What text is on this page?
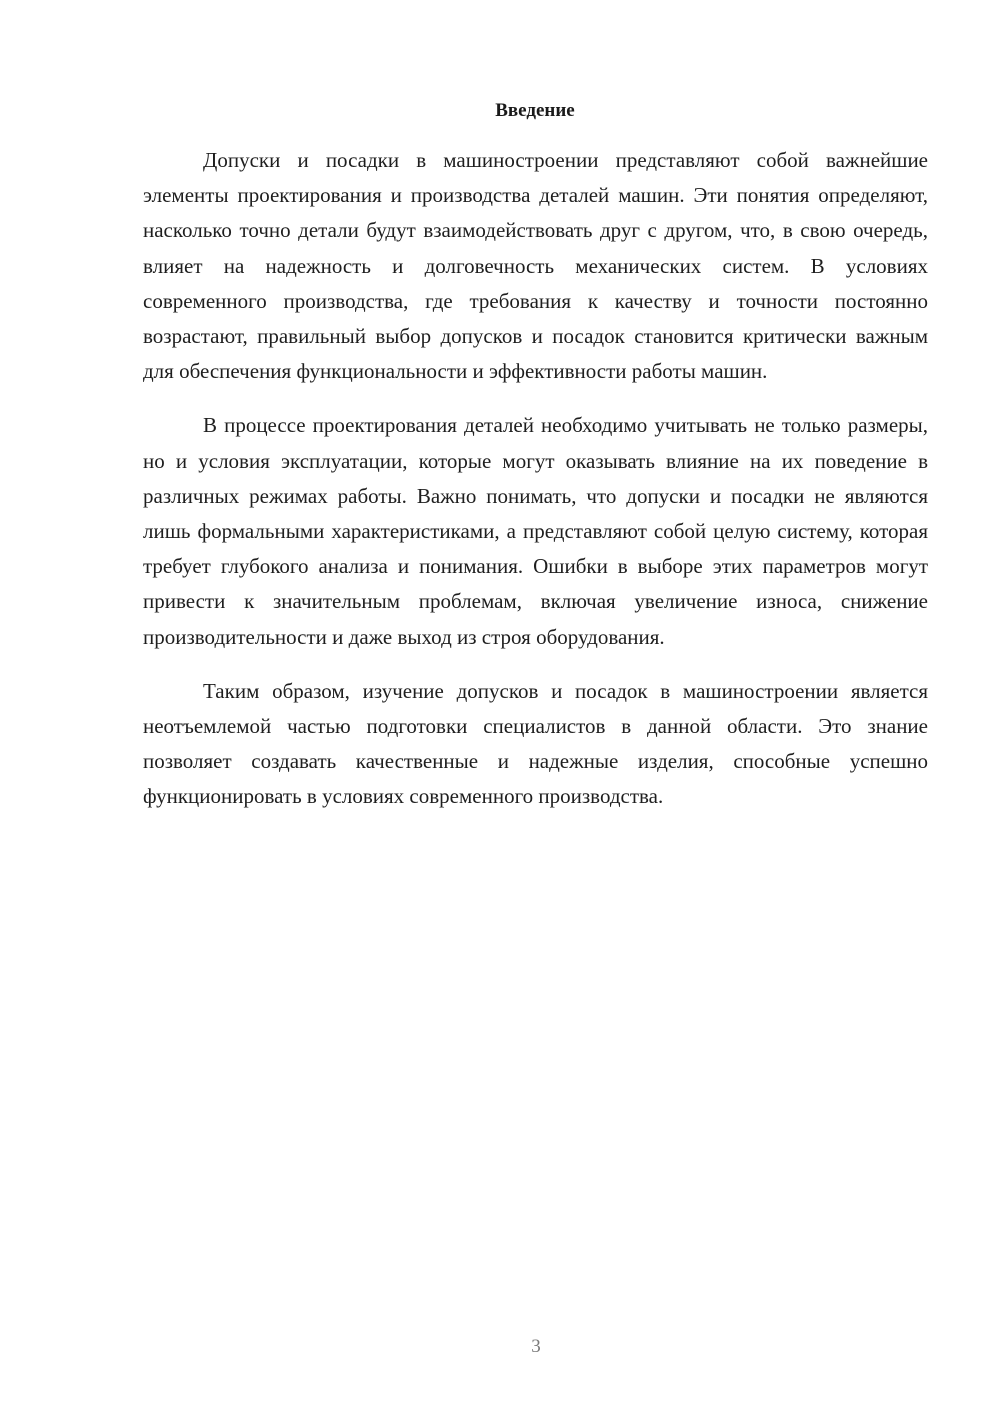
Введение

Допуски и посадки в машиностроении представляют собой важнейшие элементы проектирования и производства деталей машин. Эти понятия определяют, насколько точно детали будут взаимодействовать друг с другом, что, в свою очередь, влияет на надежность и долговечность механических систем. В условиях современного производства, где требования к качеству и точности постоянно возрастают, правильный выбор допусков и посадок становится критически важным для обеспечения функциональности и эффективности работы машин.

В процессе проектирования деталей необходимо учитывать не только размеры, но и условия эксплуатации, которые могут оказывать влияние на их поведение в различных режимах работы. Важно понимать, что допуски и посадки не являются лишь формальными характеристиками, а представляют собой целую систему, которая требует глубокого анализа и понимания. Ошибки в выборе этих параметров могут привести к значительным проблемам, включая увеличение износа, снижение производительности и даже выход из строя оборудования.

Таким образом, изучение допусков и посадок в машиностроении является неотъемлемой частью подготовки специалистов в данной области. Это знание позволяет создавать качественные и надежные изделия, способные успешно функционировать в условиях современного производства.

3
